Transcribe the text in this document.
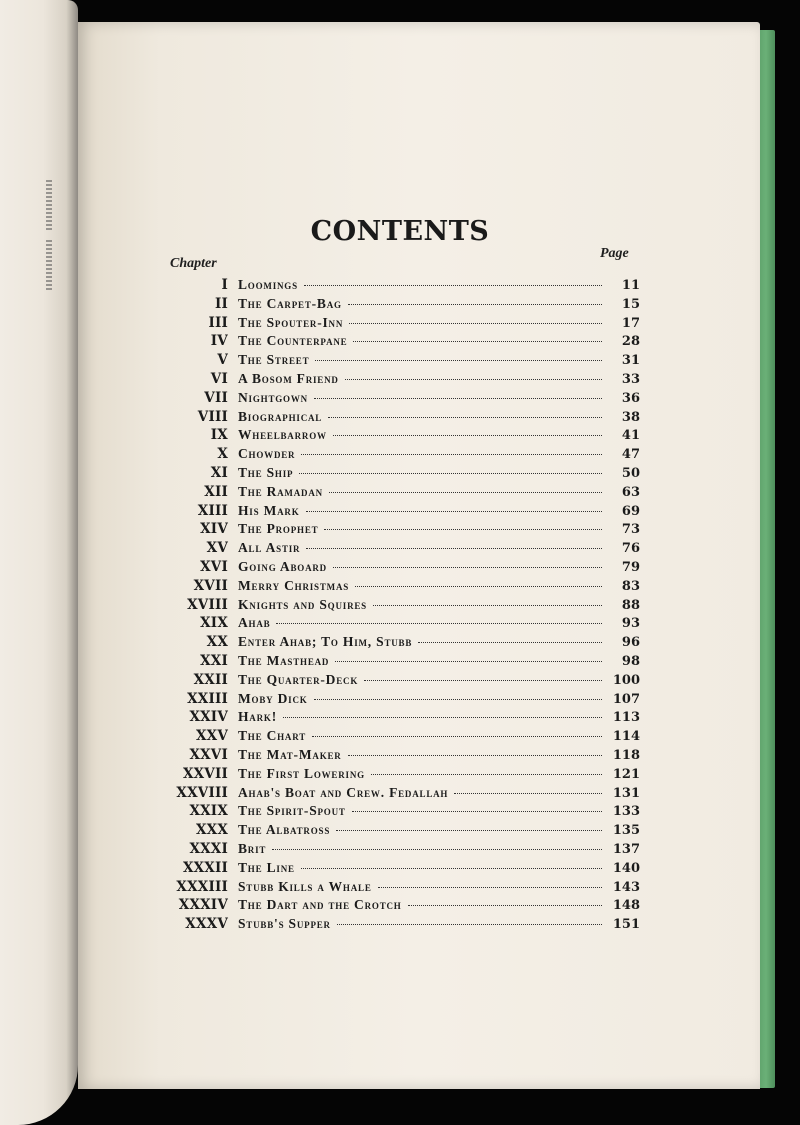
CONTENTS
Chapter
Page
I Loomings	11
II The Carpet-Bag	15
III The Spouter-Inn	17
IV The Counterpane	28
V The Street	31
VI A Bosom Friend	33
VII Nightgown	36
VIII Biographical	38
IX Wheelbarrow	41
X Chowder	47
XI The Ship	50
XII The Ramadan	63
XIII His Mark	69
XIV The Prophet	73
XV All Astir	76
XVI Going Aboard	79
XVII Merry Christmas	83
XVIII Knights and Squires	88
XIX Ahab	93
XX Enter Ahab; To Him, Stubb	96
XXI The Masthead	98
XXII The Quarter-Deck	100
XXIII Moby Dick	107
XXIV Hark!	113
XXV The Chart	114
XXVI The Mat-Maker	118
XXVII The First Lowering	121
XXVIII Ahab's Boat and Crew. Fedallah	131
XXIX The Spirit-Spout	133
XXX The Albatross	135
XXXI Brit	137
XXXII The Line	140
XXXIII Stubb Kills a Whale	143
XXXIV The Dart and the Crotch	148
XXXV Stubb's Supper	151
